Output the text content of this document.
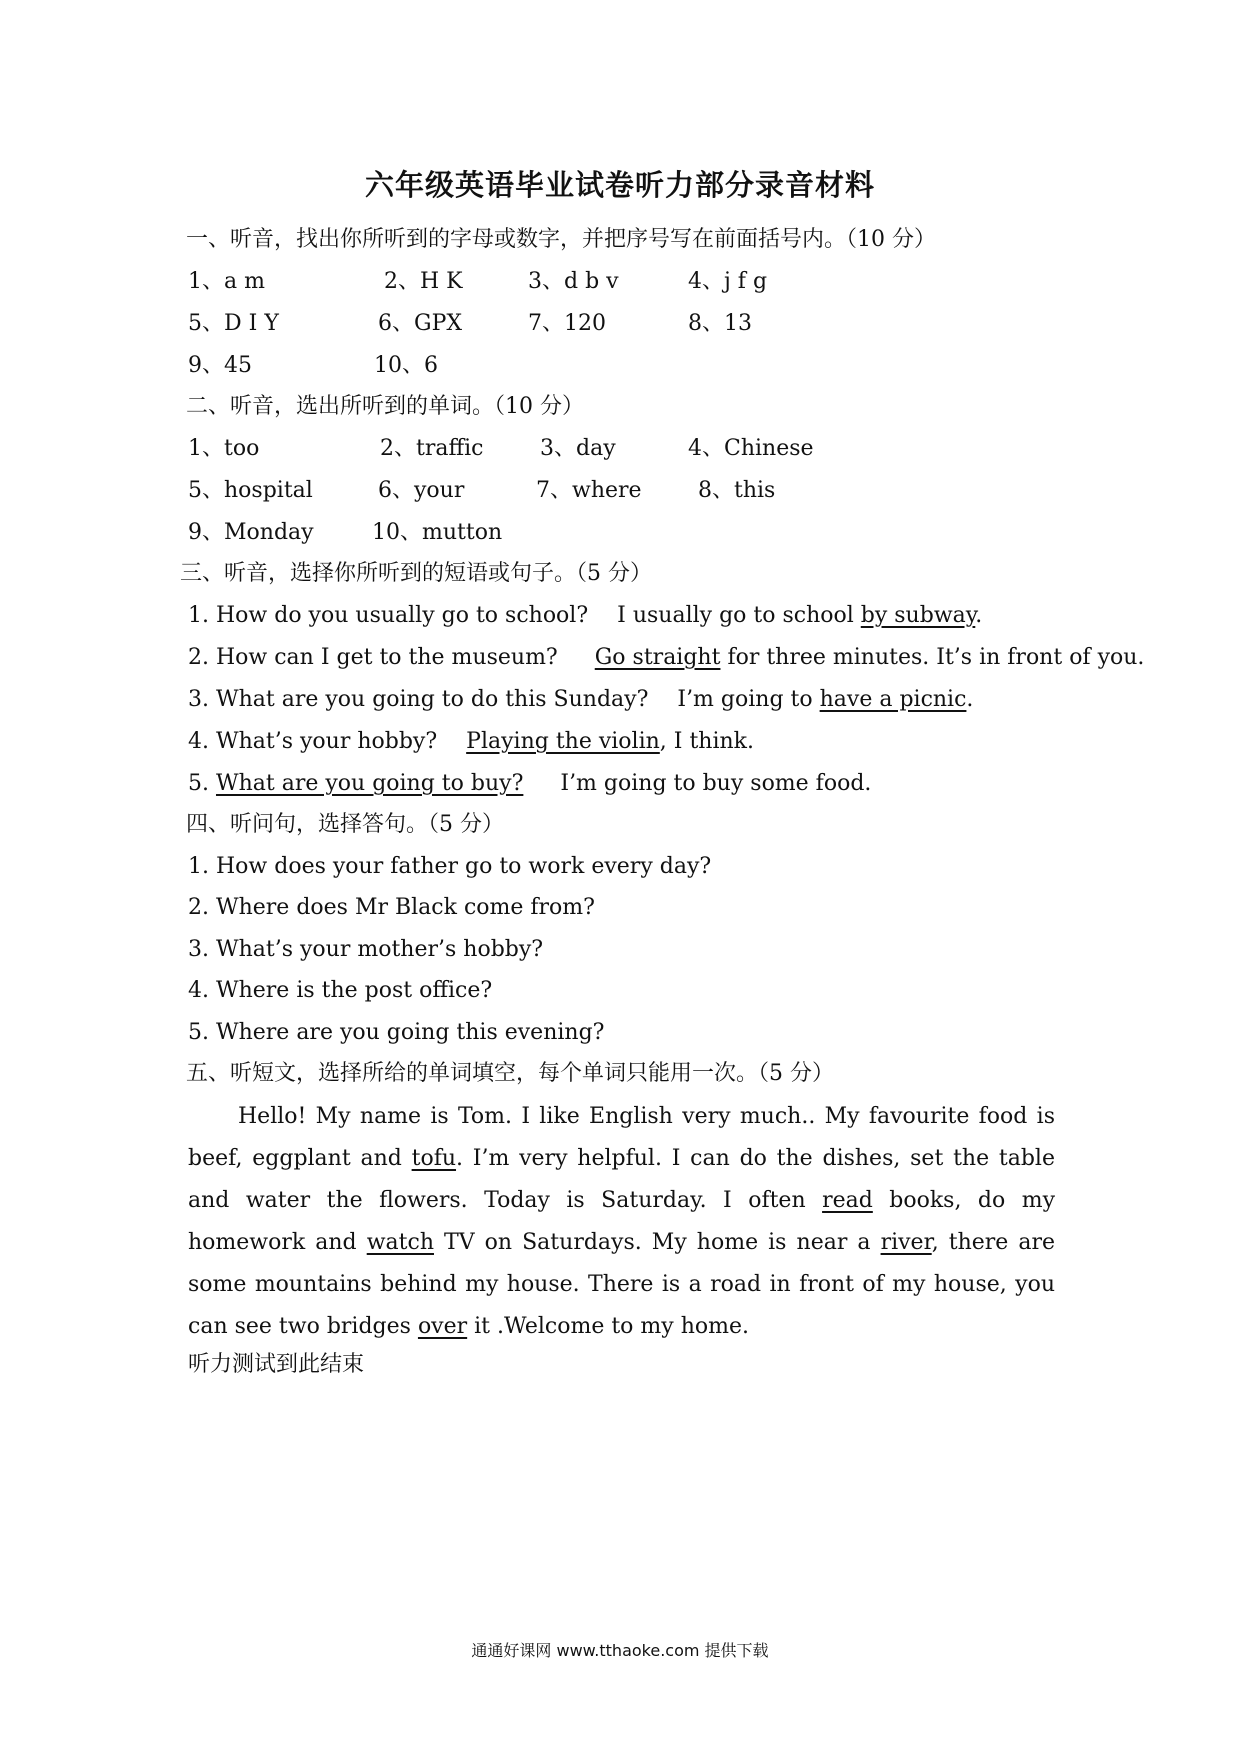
六年级英语毕业试卷听力部分录音材料
一、听音，找出你所听到的字母或数字，并把序号写在前面括号内。（10 分）
1、a m	2、H K	3、d b v	4、j f g
5、D I Y	6、GPX	7、120	8、13
9、45	10、6
二、听音，选出所听到的单词。（10 分）
1、too	2、traffic	3、day	4、Chinese
5、hospital	6、your	7、where	8、this
9、Monday	10、mutton
三、听音，选择你所听到的短语或句子。（5 分）
1. How do you usually go to school? I usually go to school by subway.
2. How can I get to the museum? Go straight for three minutes. It’s in front of you.
3. What are you going to do this Sunday? I’m going to have a picnic.
4. What’s your hobby? Playing the violin, I think.
5. What are you going to buy? I’m going to buy some food.
四、听问句，选择答句。（5 分）
1. How does your father go to work every day?
2. Where does Mr Black come from?
3. What’s your mother’s hobby?
4. Where is the post office?
5. Where are you going this evening?
五、听短文，选择所给的单词填空，每个单词只能用一次。（5 分）
Hello! My name is Tom. I like English very much.. My favourite food is beef, eggplant and tofu. I’m very helpful. I can do the dishes, set the table and water the flowers. Today is Saturday. I often read books, do my homework and watch TV on Saturdays. My home is near a river, there are some mountains behind my house. There is a road in front of my house, you can see two bridges over it .Welcome to my home.
听力测试到此结束
通通好课网 www.tthaoke.com 提供下载
